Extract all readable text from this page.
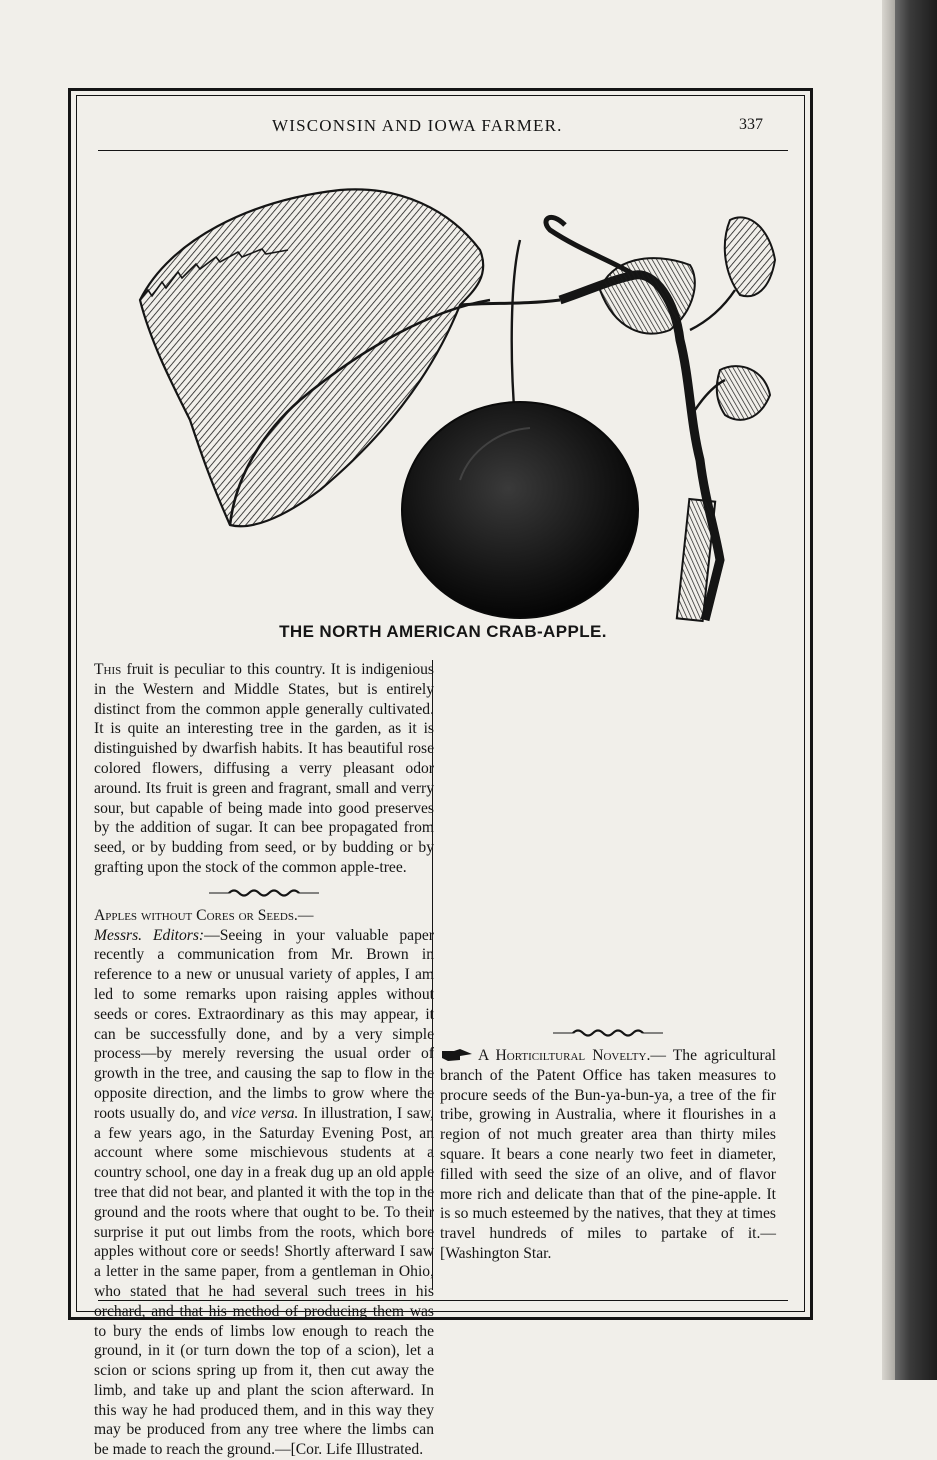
WISCONSIN AND IOWA FARMER.	337
THE NORTH AMERICAN CRAB-APPLE.

This fruit is peculiar to this country. It is indigenious in the Western and Middle States, but is entirely distinct from the common apple generally cultivated. It is quite an interesting tree in the garden, as it is distinguished by dwarfish habits. It has beautiful rose colored flowers, diffusing a verry pleasant odor around. Its fruit is green and fragrant, small and verry sour, but capable of being made into good preserves by the addition of sugar. It can bee propagated from seed, or by budding from seed, or by budding or by grafting upon the stock of the common apple-tree.

Apples without Cores or Seeds.—
Messrs. Editors:—Seeing in your valuable paper recently a communication from Mr. Brown in reference to a new or unusual variety of apples, I am led to some remarks upon raising apples without seeds or cores. Extraordinary as this may appear, it can be successfully done, and by a very simple process—by merely reversing the usual order of growth in the tree, and causing the sap to flow in the opposite direction, and the limbs to grow where the roots usually do, and vice versa. In illustration, I saw, a few years ago, in the Saturday Evening Post, an account where some mischievous students at a country school, one day in a freak dug up an old apple tree that did not bear, and planted it with the top in the ground and the roots where that ought to be. To their surprise it put out limbs from the roots, which bore apples without core or seeds! Shortly afterward I saw a letter in the same paper, from a gentleman in Ohio, who stated that he had several such trees in his orchard, and that his method of producing them was to bury the ends of limbs low enough to reach the ground, in it (or turn down the top of a scion), let a scion or scions spring up from it, then cut away the limb, and take up and plant the scion afterward. In this way he had produced them, and in this way they may be produced from any tree where the limbs can be made to reach the ground.—[Cor. Life Illustrated.

A Horticiltural Novelty.— The agricultural branch of the Patent Office has taken measures to procure seeds of the Bun-ya-bun-ya, a tree of the fir tribe, growing in Australia, where it flourishes in a region of not much greater area than thirty miles square. It bears a cone nearly two feet in diameter, filled with seed the size of an olive, and of flavor more rich and delicate than that of the pine-apple. It is so much esteemed by the natives, that they at times travel hundreds of miles to partake of it.—[Washington Star.
